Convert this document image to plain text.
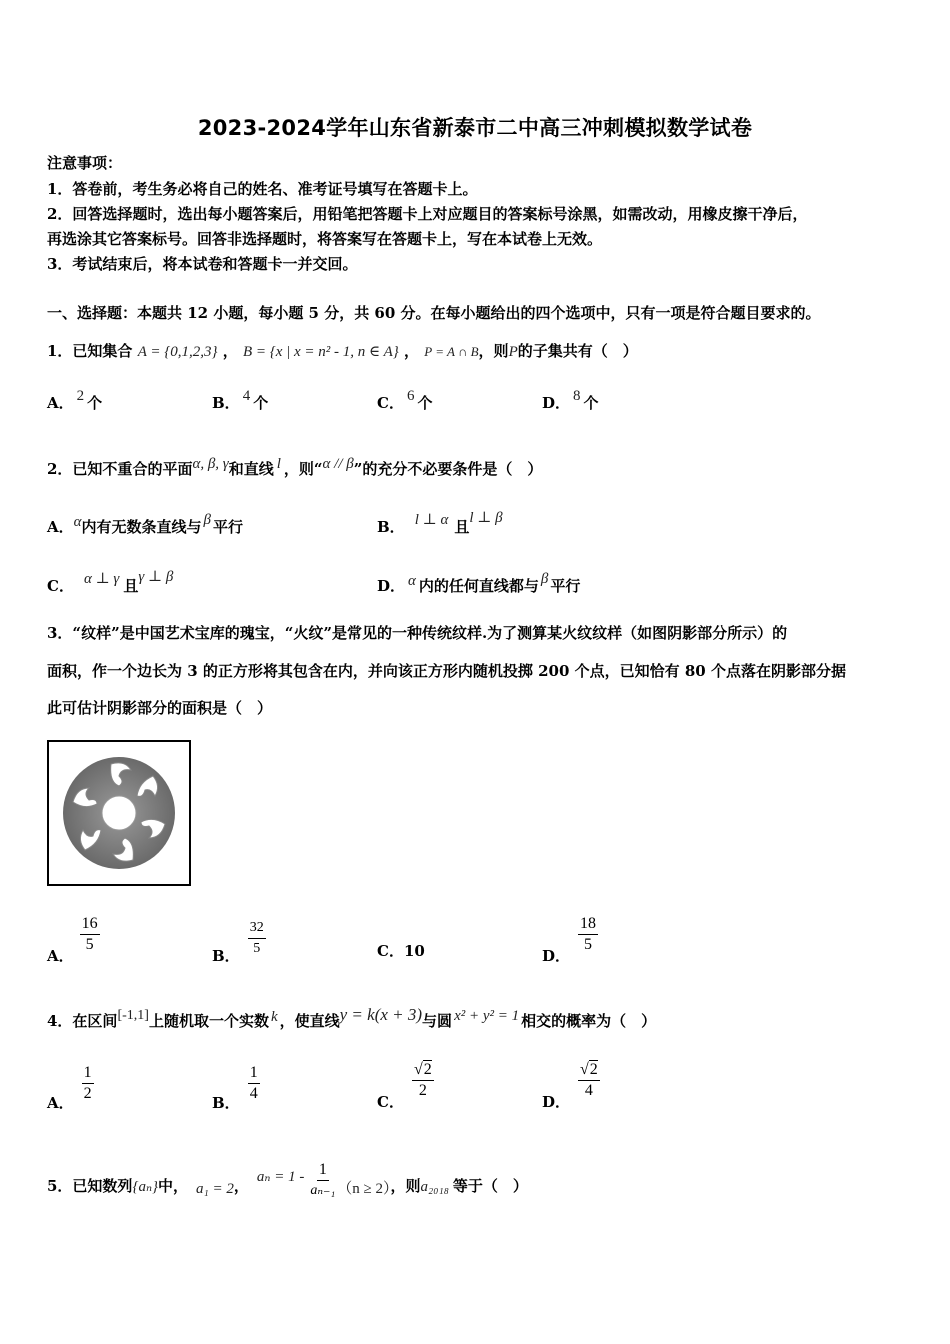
2023-2024学年山东省新泰市二中高三冲刺模拟数学试卷
注意事项：
1．答卷前，考生务必将自己的姓名、准考证号填写在答题卡上。
2．回答选择题时，选出每小题答案后，用铅笔把答题卡上对应题目的答案标号涂黑，如需改动，用橡皮擦干净后，
再选涂其它答案标号。回答非选择题时，将答案写在答题卡上，写在本试卷上无效。
3．考试结束后，将本试卷和答题卡一并交回。
一、选择题：本题共 12 小题，每小题 5 分，共 60 分。在每小题给出的四个选项中，只有一项是符合题目要求的。
1．已知集合 A = {0,1,2,3} ， B = {x | x = n² - 1, n ∈ A} ， P = A ∩ B，则P的子集共有（　）
A． 2 个	B． 4 个	C． 6 个	D． 8 个
2．已知不重合的平面α, β, γ和直线 l ，则“α // β”的充分不必要条件是（　）
A．α内有无数条直线与 β 平行	B． l ⊥ α 且l ⊥ β
C． α ⊥ γ 且γ ⊥ β	D． α 内的任何直线都与 β 平行
3．“纹样”是中国艺术宝库的瑰宝，“火纹”是常见的一种传统纹样.为了测算某火纹纹样（如图阴影部分所示）的
面积，作一个边长为 3 的正方形将其包含在内，并向该正方形内随机投掷 200 个点，已知恰有 80 个点落在阴影部分据
此可估计阴影部分的面积是（　）
A．
$\frac{16}{5}$
B． $\frac{32}{5}$	C．10	D．
$\frac{18}{5}$
4．在区间[-1,1]上随机取一个实数 k ，使直线y = k(x + 3)与圆 x² + y² = 1 相交的概率为（　）
A． $\frac{1}{2}$	B． $\frac{1}{4}$	C．
$\frac{√2}{2}$
D．
$\frac{√2}{4}$
5．已知数列{aₙ}中， a₁ = 2， $a_n = 1 - \frac{1}{\text{aₙ₋₁}} (n \ge 2)$，则a₂₀₁₈ 等于（　）
